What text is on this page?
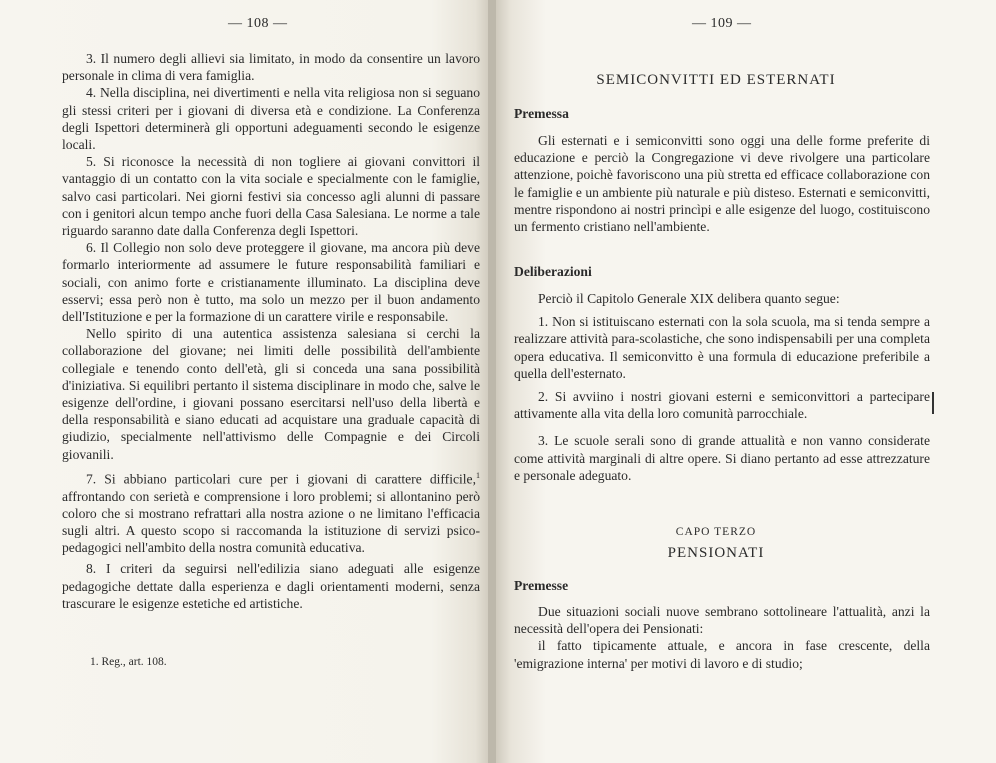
— 108 —

3. Il numero degli allievi sia limitato, in modo da consentire un lavoro personale in clima di vera famiglia.

4. Nella disciplina, nei divertimenti e nella vita religiosa non si seguano gli stessi criteri per i giovani di diversa età e condizione. La Conferenza degli Ispettori determinerà gli opportuni adeguamenti secondo le esigenze locali.

5. Si riconosce la necessità di non togliere ai giovani convittori il vantaggio di un contatto con la vita sociale e specialmente con le famiglie, salvo casi particolari. Nei giorni festivi sia concesso agli alunni di passare con i genitori alcun tempo anche fuori della Casa Salesiana. Le norme a tale riguardo saranno date dalla Conferenza degli Ispettori.

6. Il Collegio non solo deve proteggere il giovane, ma ancora più deve formarlo interiormente ad assumere le future responsabilità familiari e sociali, con animo forte e cristianamente illuminato. La disciplina deve esservi; essa però non è tutto, ma solo un mezzo per il buon andamento dell'Istituzione e per la formazione di un carattere virile e responsabile.

Nello spirito di una autentica assistenza salesiana si cerchi la collaborazione del giovane; nei limiti delle possibilità dell'ambiente collegiale e tenendo conto dell'età, gli si conceda una sana possibilità d'iniziativa. Si equilibri pertanto il sistema disciplinare in modo che, salve le esigenze dell'ordine, i giovani possano esercitarsi nell'uso della libertà e della responsabilità e siano educati ad acquistare una graduale capacità di giudizio, specialmente nell'attivismo delle Compagnie e dei Circoli giovanili.

7. Si abbiano particolari cure per i giovani di carattere difficile,$^1$ affrontando con serietà e comprensione i loro problemi; si allontanino però coloro che si mostrano refrattari alla nostra azione o ne limitano l'efficacia sugli altri. A questo scopo si raccomanda la istituzione di servizi psico-pedagogici nell'ambito della nostra comunità educativa.

8. I criteri da seguirsi nell'edilizia siano adeguati alle esigenze pedagogiche dettate dalla esperienza e dagli orientamenti moderni, senza trascurare le esigenze estetiche ed artistiche.

1. Reg., art. 108.
— 109 —
SEMICONVITTI ED ESTERNATI
Premessa

Gli esternati e i semiconvitti sono oggi una delle forme preferite di educazione e perciò la Congregazione vi deve rivolgere una particolare attenzione, poichè favoriscono una più stretta ed efficace collaborazione con le famiglie e un ambiente più naturale e più disteso. Esternati e semiconvitti, mentre rispondono ai nostri princìpi e alle esigenze del luogo, costituiscono un fermento cristiano nell'ambiente.

Deliberazioni

Perciò il Capitolo Generale XIX delibera quanto segue:

1. Non si istituiscano esternati con la sola scuola, ma si tenda sempre a realizzare attività para-scolastiche, che sono indispensabili per una completa opera educativa. Il semiconvitto è una formula di educazione preferibile a quella dell'esternato.

2. Si avviino i nostri giovani esterni e semiconvittori a partecipare attivamente alla vita della loro comunità parrocchiale.

3. Le scuole serali sono di grande attualità e non vanno considerate come attività marginali di altre opere. Si diano pertanto ad esse attrezzature e personale adeguato.

CAPO TERZO
PENSIONATI
Premesse

Due situazioni sociali nuove sembrano sottolineare l'attualità, anzi la necessità dell'opera dei Pensionati:

il fatto tipicamente attuale, e ancora in fase crescente, della 'emigrazione interna' per motivi di lavoro e di studio;
